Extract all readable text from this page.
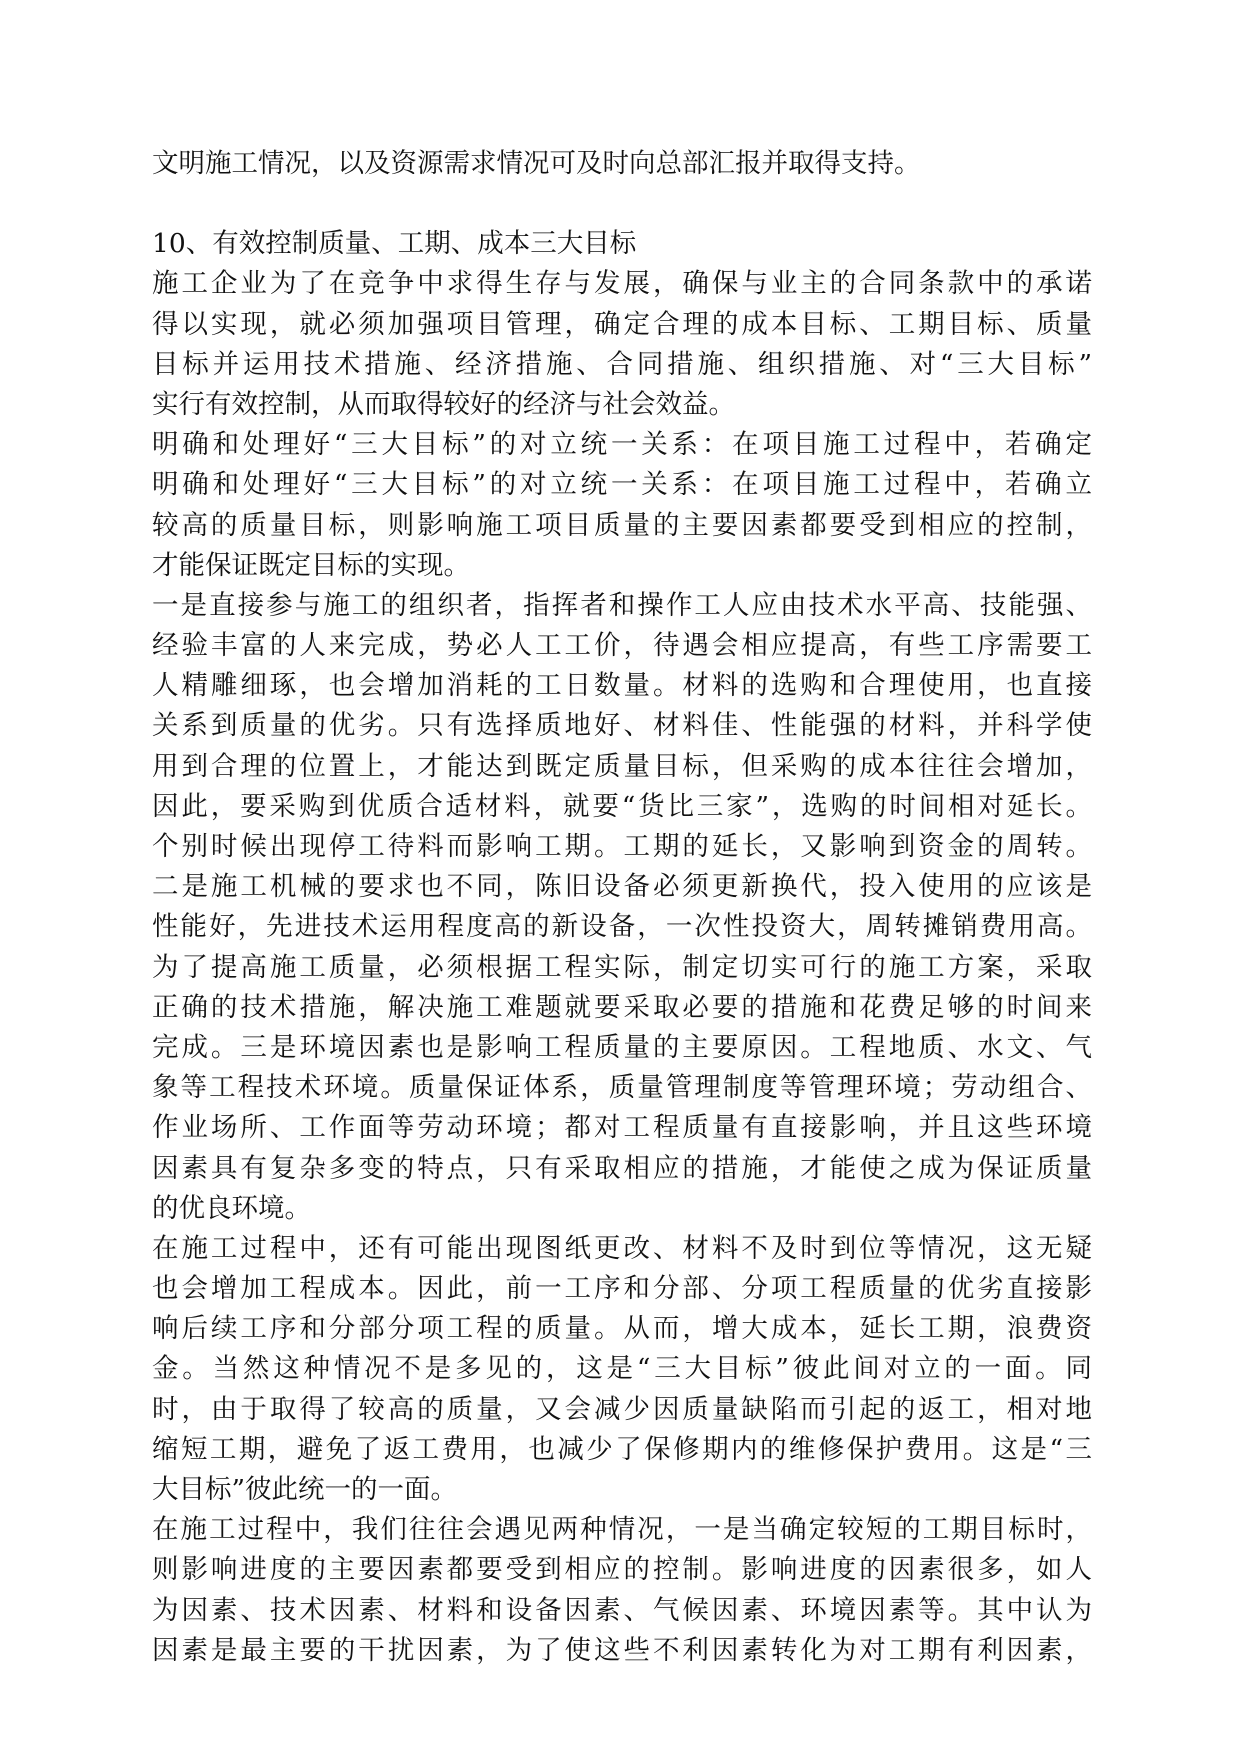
文明施工情况，以及资源需求情况可及时向总部汇报并取得支持。
10、有效控制质量、工期、成本三大目标
施工企业为了在竞争中求得生存与发展，确保与业主的合同条款中的承诺
得以实现，就必须加强项目管理，确定合理的成本目标、工期目标、质量
目标并运用技术措施、经济措施、合同措施、组织措施、对“三大目标”
实行有效控制，从而取得较好的经济与社会效益。
明确和处理好“三大目标”的对立统一关系：在项目施工过程中，若确定
明确和处理好“三大目标”的对立统一关系：在项目施工过程中，若确立
较高的质量目标，则影响施工项目质量的主要因素都要受到相应的控制，
才能保证既定目标的实现。
一是直接参与施工的组织者，指挥者和操作工人应由技术水平高、技能强、
经验丰富的人来完成，势必人工工价，待遇会相应提高，有些工序需要工
人精雕细琢，也会增加消耗的工日数量。材料的选购和合理使用，也直接
关系到质量的优劣。只有选择质地好、材料佳、性能强的材料，并科学使
用到合理的位置上，才能达到既定质量目标，但采购的成本往往会增加，
因此，要采购到优质合适材料，就要“货比三家”，选购的时间相对延长。
个别时候出现停工待料而影响工期。工期的延长，又影响到资金的周转。
二是施工机械的要求也不同，陈旧设备必须更新换代，投入使用的应该是
性能好，先进技术运用程度高的新设备，一次性投资大，周转摊销费用高。
为了提高施工质量，必须根据工程实际，制定切实可行的施工方案，采取
正确的技术措施，解决施工难题就要采取必要的措施和花费足够的时间来
完成。三是环境因素也是影响工程质量的主要原因。工程地质、水文、气
象等工程技术环境。质量保证体系，质量管理制度等管理环境；劳动组合、
作业场所、工作面等劳动环境；都对工程质量有直接影响，并且这些环境
因素具有复杂多变的特点，只有采取相应的措施，才能使之成为保证质量
的优良环境。
在施工过程中，还有可能出现图纸更改、材料不及时到位等情况，这无疑
也会增加工程成本。因此，前一工序和分部、分项工程质量的优劣直接影
响后续工序和分部分项工程的质量。从而，增大成本，延长工期，浪费资
金。当然这种情况不是多见的，这是“三大目标”彼此间对立的一面。同
时，由于取得了较高的质量，又会减少因质量缺陷而引起的返工，相对地
缩短工期，避免了返工费用，也减少了保修期内的维修保护费用。这是“三
大目标”彼此统一的一面。
在施工过程中，我们往往会遇见两种情况，一是当确定较短的工期目标时，
则影响进度的主要因素都要受到相应的控制。影响进度的因素很多，如人
为因素、技术因素、材料和设备因素、气候因素、环境因素等。其中认为
因素是最主要的干扰因素，为了使这些不利因素转化为对工期有利因素，
